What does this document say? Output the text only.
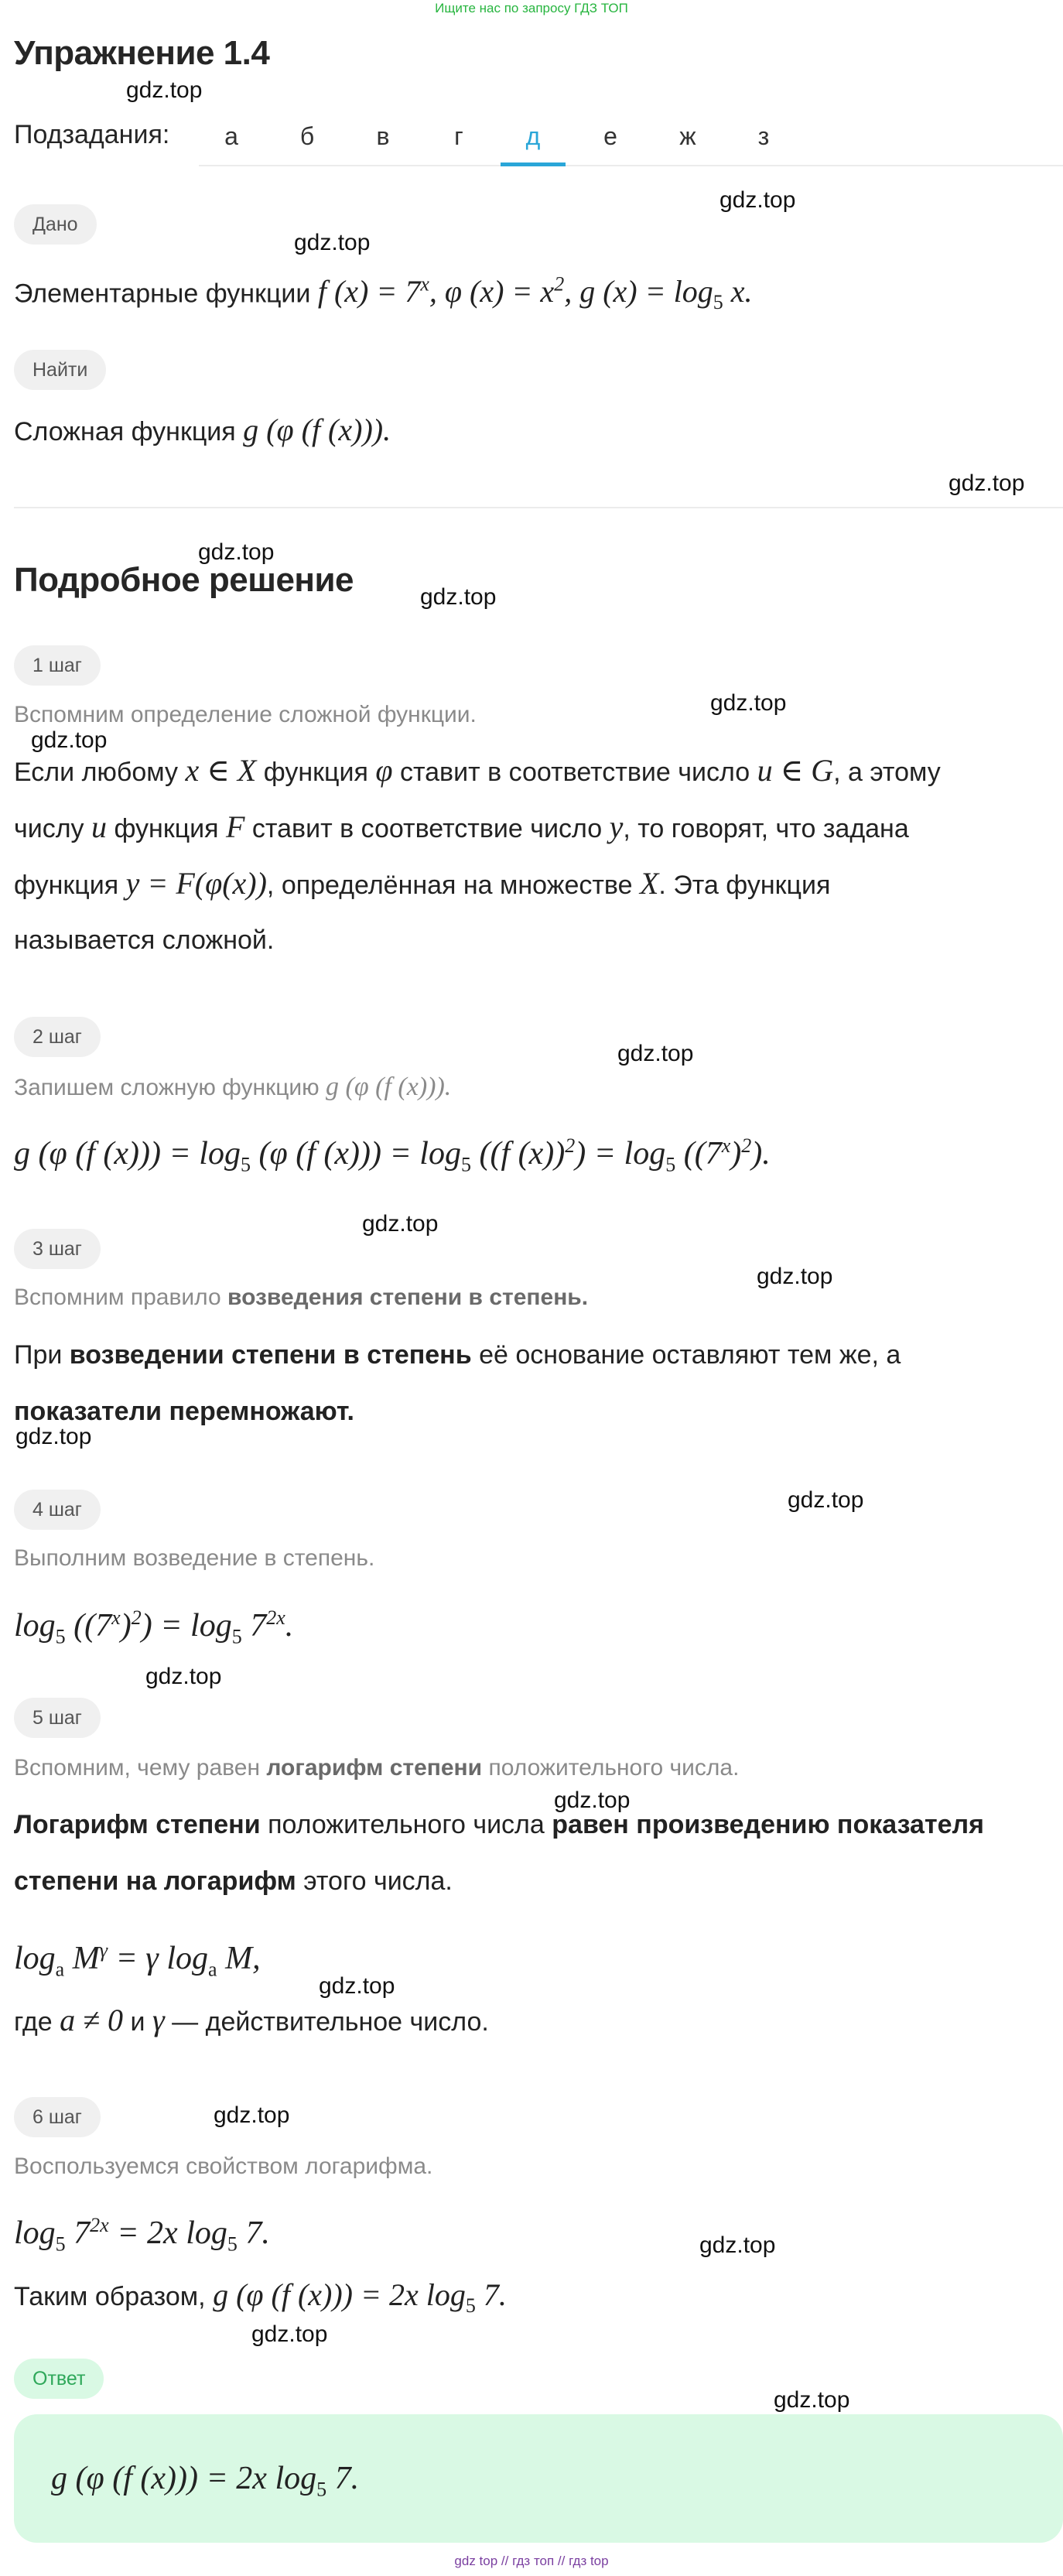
Ищите нас по запросу ГДЗ ТОП
Упражнение 1.4
gdz.top
gdz.top
gdz.top
gdz.top
gdz.top
gdz.top
gdz.top
gdz.top
gdz.top
gdz.top
gdz.top
gdz.top
gdz.top
gdz.top
gdz.top
gdz.top
gdz.top
gdz.top
gdz.top
gdz.top
Подзадания:	а	б	в	г	д	е	ж	з
Дано
Элементарные функции f $(x) = 7^x$, φ $(x) = x^2$, g $(x) = \log_5 x$.
Найти
Сложная функция g (φ (f (x))).
Подробное решение
1 шаг
Вспомним определение сложной функции.
Если любому x ∈ X функция φ ставит в соответствие число u ∈ G, а этому
числу u функция F ставит в соответствие число y, то говорят, что задана
функция y = F(φ(x)), определённая на множестве X. Эта функция
называется сложной.
2 шаг
Запишем сложную функцию g (φ (f (x))).
g (φ (f $(x))) = \log_5 (\varphi$ (f $(x))) = \log_5 ((f$ $(x))^2) = \log_5 ((7^x)^2)$.
3 шаг
Вспомним правило возведения степени в степень.
При возведении степени в степень её основание оставляют тем же, а
показатели перемножают.
4 шаг
Выполним возведение в степень.
$\log_5 ((7^x)^2) = \log_5 7^{2x}$.
5 шаг
Вспомним, чему равен логарифм степени положительного числа.
Логарифм степени положительного числа равен произведению показателя
степени на логарифм этого числа.
$\log_a M^\gamma = \gamma$ $\log_a M$,
где a ≠ 0 и γ — действительное число.
6 шаг
Воспользуемся свойством логарифма.
$\log_5 7^{2x} = 2x$ $\log_5 7$.
Таким образом, g (φ (f (x))) = 2x $\log_5 7$.
Ответ
g (φ (f (x))) = 2x $\log_5 7$.
gdz top // гдз топ // гдз top
